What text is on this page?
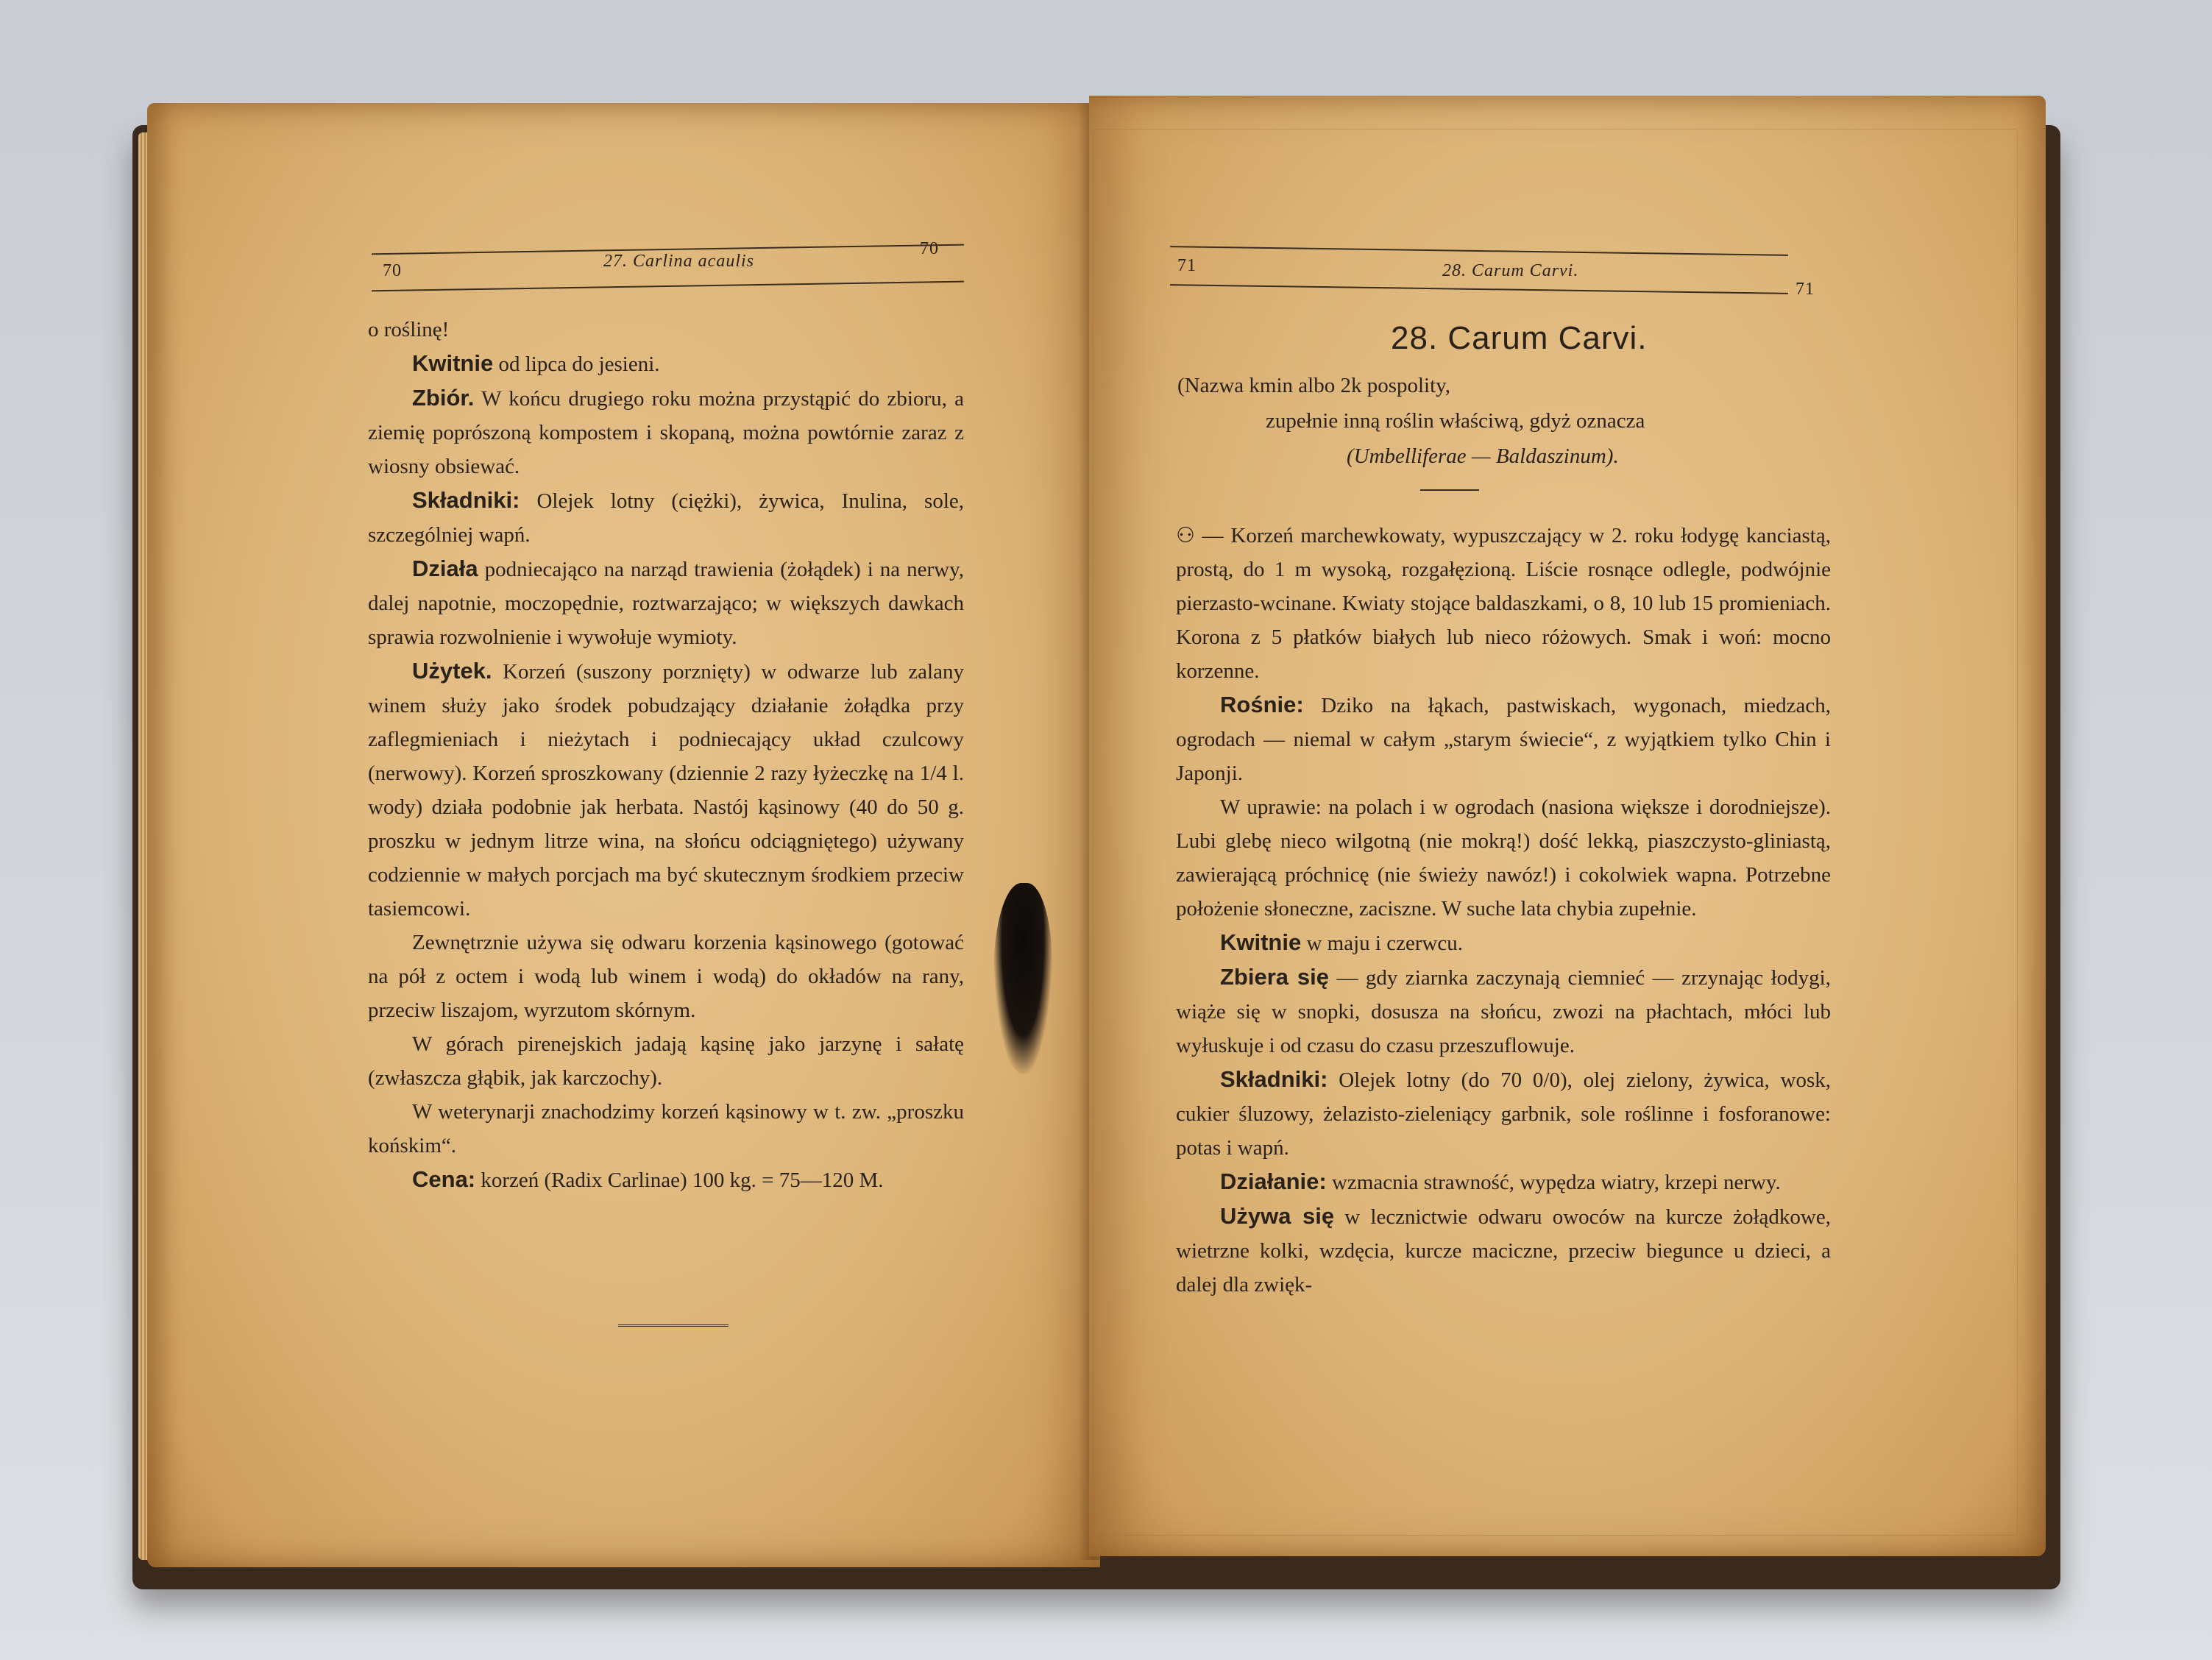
70	27. Carlina acaulis
70

o roślinę!

Kwitnie od lipca do jesieni.

Zbiór. W końcu drugiego roku można przystąpić do zbioru, a ziemię poprószoną kompostem i skopaną, można powtórnie zaraz z wiosny obsiewać.

Składniki: Olejek lotny (ciężki), żywica, Inulina, sole, szczególniej wapń.

Działa podniecająco na narząd trawienia (żołądek) i na nerwy, dalej napotnie, moczopędnie, roztwarzająco; w większych dawkach sprawia rozwolnienie i wywołuje wymioty.

Użytek. Korzeń (suszony porznięty) w odwarze lub zalany winem służy jako środek pobudzający działanie żołądka przy zaflegmieniach i nieżytach i podniecający układ czulcowy (nerwowy). Korzeń sproszkowany (dziennie 2 razy łyżeczkę na 1/4 l. wody) działa podobnie jak herbata. Nastój kąsinowy (40 do 50 g. proszku w jednym litrze wina, na słońcu odciągniętego) używany codziennie w małych porcjach ma być skutecznym środkiem przeciw tasiemcowi.

Zewnętrznie używa się odwaru korzenia kąsinowego (gotować na pół z octem i wodą lub winem i wodą) do okładów na rany, przeciw liszajom, wyrzutom skórnym.

W górach pirenejskich jadają kąsinę jako jarzynę i sałatę (zwłaszcza głąbik, jak karczochy).

W weterynarji znachodzimy korzeń kąsinowy w t. zw. „proszku końskim“.

Cena: korzeń (Radix Carlinae) 100 kg. = 75—120 M.

71	28. Carum Carvi.
71
28. Carum Carvi.

(Nazwa kmin albo 2k pospolity,

zupełnie inną roślin właściwą, gdyż oznacza

(Umbelliferae — Baldaszinum).

⚇ — Korzeń marchewkowaty, wypuszczający w 2. roku łodygę kanciastą, prostą, do 1 m wysoką, rozgałęzioną. Liście rosnące odlegle, podwójnie pierzasto-wcinane. Kwiaty stojące baldaszkami, o 8, 10 lub 15 promieniach. Korona z 5 płatków białych lub nieco różowych. Smak i woń: mocno korzenne.

Rośnie: Dziko na łąkach, pastwiskach, wygonach, miedzach, ogrodach — niemal w całym „starym świecie“, z wyjątkiem tylko Chin i Japonji.

W uprawie: na polach i w ogrodach (nasiona większe i dorodniejsze). Lubi glebę nieco wilgotną (nie mokrą!) dość lekką, piaszczysto-gliniastą, zawierającą próchnicę (nie świeży nawóz!) i cokolwiek wapna. Potrzebne położenie słoneczne, zaciszne. W suche lata chybia zupełnie.

Kwitnie w maju i czerwcu.

Zbiera się — gdy ziarnka zaczynają ciemnieć — zrzynając łodygi, wiąże się w snopki, dosusza na słońcu, zwozi na płachtach, młóci lub wyłuskuje i od czasu do czasu przeszuflowuje.

Składniki: Olejek lotny (do 70 0/0), olej zielony, żywica, wosk, cukier śluzowy, żelazisto-zieleniący garbnik, sole roślinne i fosforanowe: potas i wapń.

Działanie: wzmacnia strawność, wypędza wiatry, krzepi nerwy.

Używa się w lecznictwie odwaru owoców na kurcze żołądkowe, wietrzne kolki, wzdęcia, kurcze maciczne, przeciw biegunce u dzieci, a dalej dla zwięk-
